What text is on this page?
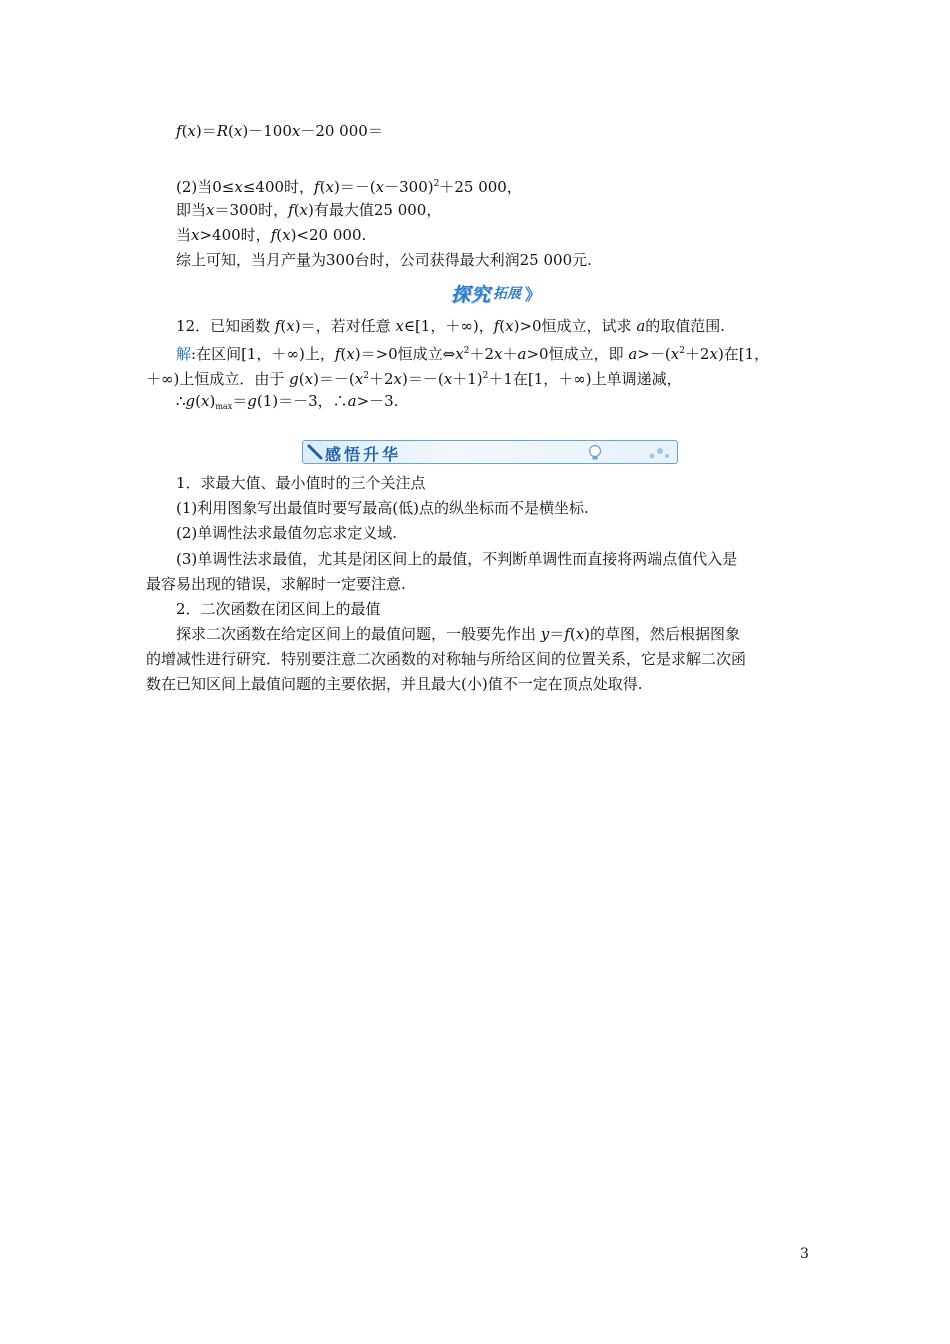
f(x)＝R(x)－100x－20 000＝
(2)当0≤x≤400时，$f(x)=-(x-300)^2+25$ 000，
即当x＝300时，f(x)有最大值25 000，
当x>400时，f(x)<20 000.
综上可知，当月产量为300台时，公司获得最大利润25 000元.
探究 拓展 》
12．已知函数 f(x)＝，若对任意 x∈[1，＋∞)，f(x)>0恒成立，试求 a的取值范围.
解:在区间[1，＋∞)上，f(x)＝>0恒成立$\Leftrightarrow x^2+2x+a>0$恒成立，即 $a>-(x^2+2x)$在[1，
＋∞)上恒成立．由于 $g(x)=-(x^2+2x)=-(x+1)^2+1$在[1，＋∞)上单调递减，
$\therefore g(x)_{max}=g(1)=-3$，∴a>－3.
感悟升华
1．求最大值、最小值时的三个关注点
(1)利用图象写出最值时要写最高(低)点的纵坐标而不是横坐标.
(2)单调性法求最值勿忘求定义域.
(3)单调性法求最值，尤其是闭区间上的最值，不判断单调性而直接将两端点值代入是
最容易出现的错误，求解时一定要注意.
2．二次函数在闭区间上的最值
探求二次函数在给定区间上的最值问题，一般要先作出 y＝f(x)的草图，然后根据图象
的增减性进行研究．特别要注意二次函数的对称轴与所给区间的位置关系，它是求解二次函
数在已知区间上最值问题的主要依据，并且最大(小)值不一定在顶点处取得.
3
